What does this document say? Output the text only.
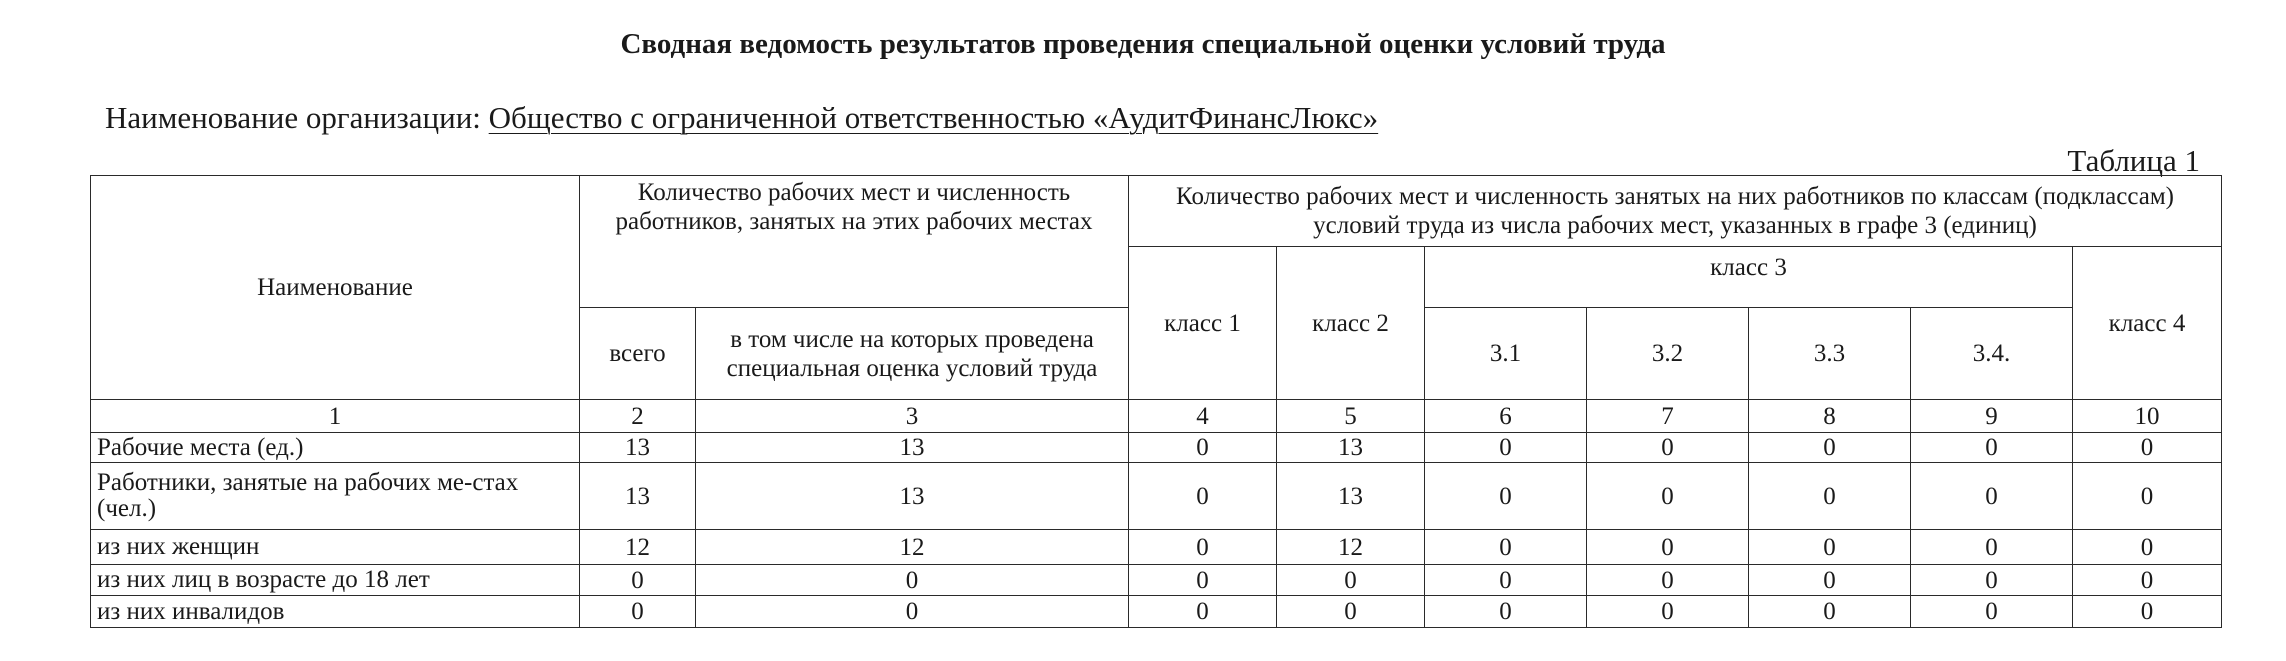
Сводная ведомость результатов проведения специальной оценки условий труда
Наименование организации: Общество с ограниченной ответственностью «АудитФинансЛюкс»
Таблица 1
Наименование	Количество рабочих мест и численность работников, занятых на этих рабочих местах		Количество рабочих мест и численность занятых на них работников по классам (подклассам) условий труда из числа рабочих мест, указанных в графе 3 (единиц)						
			класс 1	класс 2	класс 3				класс 4
	всего	в том числе на которых проведена специальная оценка условий труда			3.1	3.2	3.3	3.4.	
1	2	3	4	5	6	7	8	9	10
Рабочие места (ед.)	13	13	0	13	0	0	0	0	0
Работники, занятые на рабочих ме-стах (чел.)	13	13	0	13	0	0	0	0	0
из них женщин	12	12	0	12	0	0	0	0	0
из них лиц в возрасте до 18 лет	0	0	0	0	0	0	0	0	0
из них инвалидов	0	0	0	0	0	0	0	0	0
